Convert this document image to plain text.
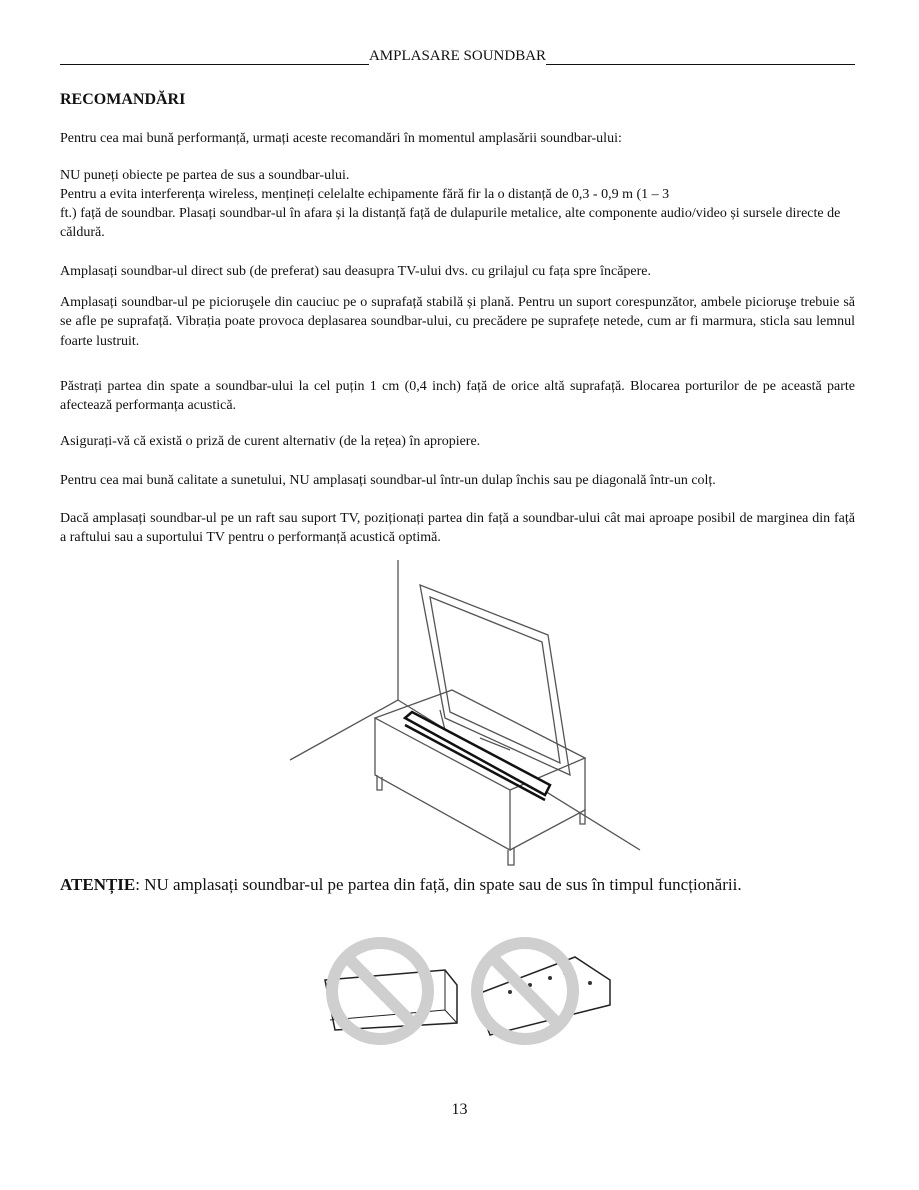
AMPLASARE SOUNDBAR
RECOMANDĂRI

Pentru cea mai bună performanță, urmați aceste recomandări în momentul amplasării soundbar-ului:

NU puneți obiecte pe partea de sus a soundbar-ului.

Pentru a evita interferența wireless, mențineți celelalte echipamente fără fir la o distanță de 0,3 - 0,9 m (1 – 3

ft.) față de soundbar. Plasați soundbar-ul în afara și la distanță față de dulapurile metalice, alte componente audio/video și sursele directe de căldură.

Amplasați soundbar-ul direct sub (de preferat) sau deasupra TV-ului dvs. cu grilajul cu fața spre încăpere.

Amplasați soundbar-ul pe picioruşele din cauciuc pe o suprafață stabilă și plană. Pentru un suport corespunzător, ambele picioruşe trebuie să se afle pe suprafață. Vibrația poate provoca deplasarea soundbar-ului, cu precădere pe suprafețe netede, cum ar fi marmura, sticla sau lemnul foarte lustruit.

Păstrați partea din spate a soundbar-ului la cel puțin 1 cm (0,4 inch) față de orice altă suprafață. Blocarea porturilor de pe această parte afectează performanța acustică.

Asigurați-vă că există o priză de curent alternativ (de la rețea) în apropiere.

Pentru cea mai bună calitate a sunetului, NU amplasați soundbar-ul într-un dulap închis sau pe diagonală într-un colț.

Dacă amplasați soundbar-ul pe un raft sau suport TV, poziționați partea din față a soundbar-ului cât mai aproape posibil de marginea din față a raftului sau a suportului TV pentru o performanță acustică optimă.

ATENȚIE: NU amplasați soundbar-ul pe partea din față, din spate sau de sus în timpul funcționării.
13
